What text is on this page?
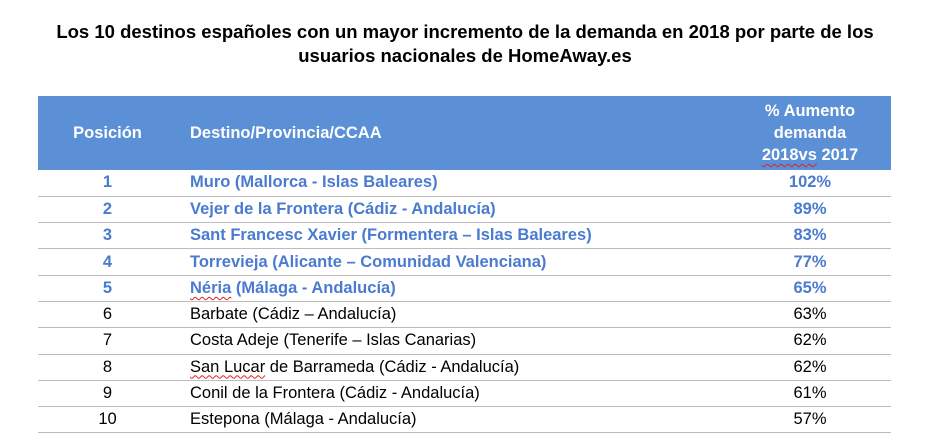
Los 10 destinos españoles con un mayor incremento de la demanda en 2018 por parte de los
usuarios nacionales de HomeAway.es
Posición	Destino/Provincia/CCAA	% Aumento
demanda
2018vs 2017

1	Muro (Mallorca - Islas Baleares)	102%
2	Vejer de la Frontera (Cádiz - Andalucía)	89%
3	Sant Francesc Xavier (Formentera – Islas Baleares)	83%
4	Torrevieja (Alicante – Comunidad Valenciana)	77%
5	Néria (Málaga - Andalucía)	65%
6	Barbate (Cádiz – Andalucía)	63%
7	Costa Adeje (Tenerife – Islas Canarias)	62%
8	San Lucar de Barrameda (Cádiz - Andalucía)	62%
9	Conil de la Frontera (Cádiz - Andalucía)	61%
10	Estepona (Málaga - Andalucía)	57%
